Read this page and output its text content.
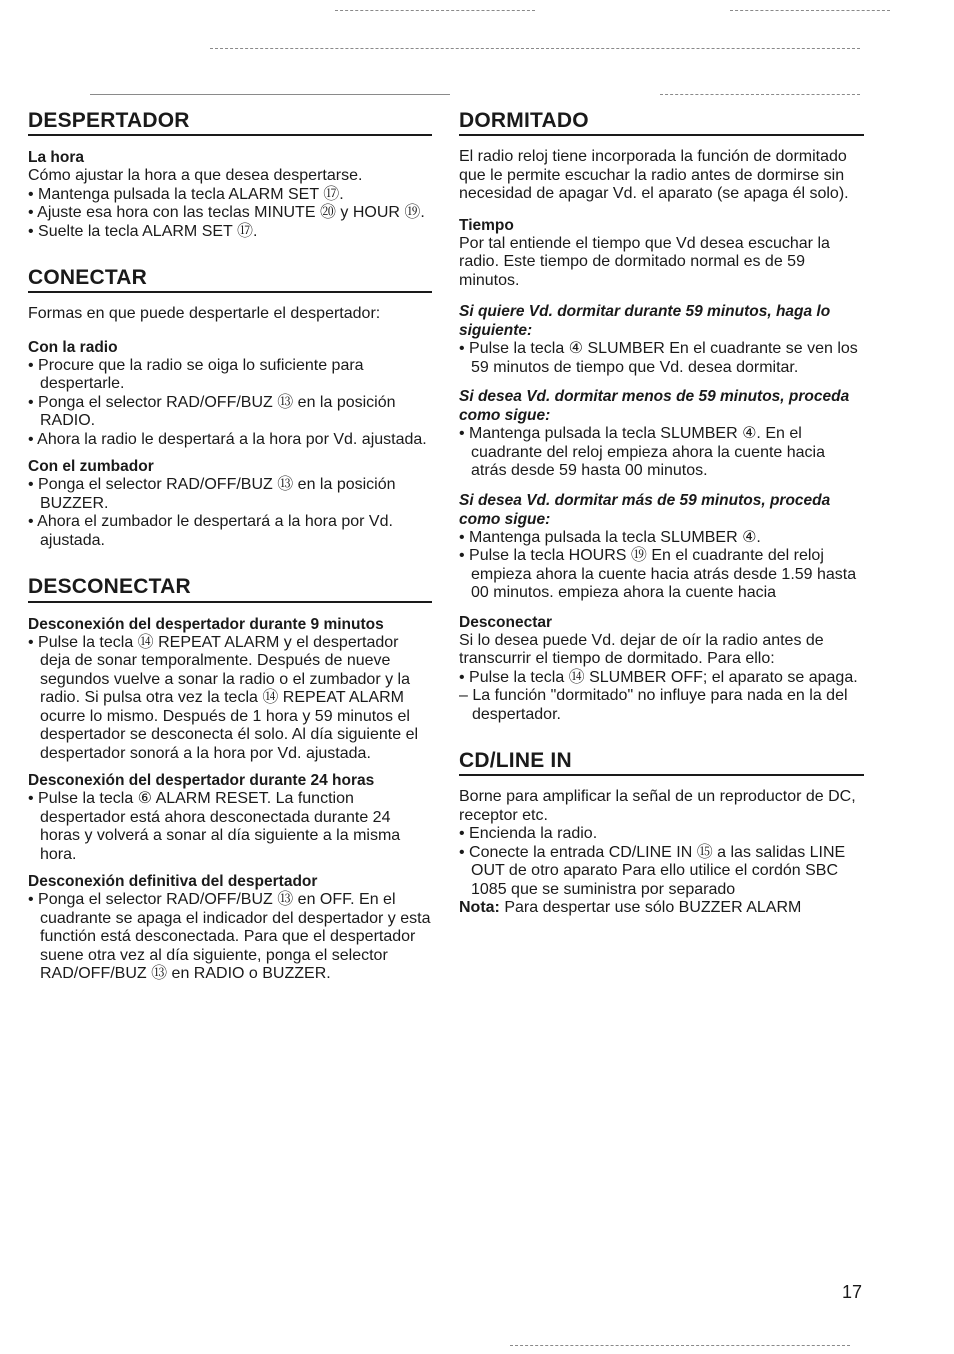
DESPERTADOR
La hora

Cómo ajustar la hora a que desea despertarse.

• Mantenga pulsada la tecla ALARM SET ⑰.
• Ajuste esa hora con las teclas MINUTE ⑳ y HOUR ⑲.
• Suelte la tecla ALARM SET ⑰.
CONECTAR

Formas en que puede despertarle el despertador:

Con la radio
• Procure que la radio se oiga lo suficiente para despertarle.
• Ponga el selector RAD/OFF/BUZ ⑬ en la posición RADIO.
• Ahora la radio le despertará a la hora por Vd. ajustada.
Con el zumbador
• Ponga el selector RAD/OFF/BUZ ⑬ en la posición BUZZER.
• Ahora el zumbador le despertará a la hora por Vd. ajustada.
DESCONECTAR
Desconexión del despertador durante 9 minutos
• Pulse la tecla ⑭ REPEAT ALARM y el despertador deja de sonar temporalmente. Después de nueve segundos vuelve a sonar la radio o el zumbador y la radio. Si pulsa otra vez la tecla ⑭ REPEAT ALARM ocurre lo mismo. Después de 1 hora y 59 minutos el despertador se desconecta él solo. Al día siguiente el despertador sonorá a la hora por Vd. ajustada.
Desconexión del despertador durante 24 horas
• Pulse la tecla ⑥ ALARM RESET. La function despertador está ahora desconectada durante 24 horas y volverá a sonar al día siguiente a la misma hora.
Desconexión definitiva del despertador
• Ponga el selector RAD/OFF/BUZ ⑬ en OFF. En el cuadrante se apaga el indicador del despertador y esta functión está desconectada. Para que el despertador suene otra vez al día siguiente, ponga el selector RAD/OFF/BUZ ⑬ en RADIO o BUZZER.
DORMITADO

El radio reloj tiene incorporada la función de dormitado que le permite escuchar la radio antes de dormirse sin necesidad de apagar Vd. el aparato (se apaga él solo).

Tiempo

Por tal entiende el tiempo que Vd desea escuchar la radio. Este tiempo de dormitado normal es de 59 minutos.

Si quiere Vd. dormitar durante 59 minutos, haga lo siguiente:
• Pulse la tecla ④ SLUMBER En el cuadrante se ven los 59 minutos de tiempo que Vd. desea dormitar.
Si desea Vd. dormitar menos de 59 minutos, proceda como sigue:
• Mantenga pulsada la tecla SLUMBER ④. En el cuadrante del reloj empieza ahora la cuente hacia atrás desde 59 hasta 00 minutos.
Si desea Vd. dormitar más de 59 minutos, proceda como sigue:
• Mantenga pulsada la tecla SLUMBER ④.
• Pulse la tecla HOURS ⑲ En el cuadrante del reloj empieza ahora la cuente hacia atrás desde 1.59 hasta 00 minutos. empieza ahora la cuente hacia
Desconectar

Si lo desea puede Vd. dejar de oír la radio antes de transcurrir el tiempo de dormitado. Para ello:

• Pulse la tecla ⑭ SLUMBER OFF; el aparato se apaga.
– La función "dormitado" no influye para nada en la del despertador.
CD/LINE IN

Borne para amplificar la señal de un reproductor de DC, receptor etc.

• Encienda la radio.
• Conecte la entrada CD/LINE IN ⑮ a las salidas LINE OUT de otro aparato Para ello utilice el cordón SBC 1085 que se suministra por separado

Nota: Para despertar use sólo BUZZER ALARM

17
